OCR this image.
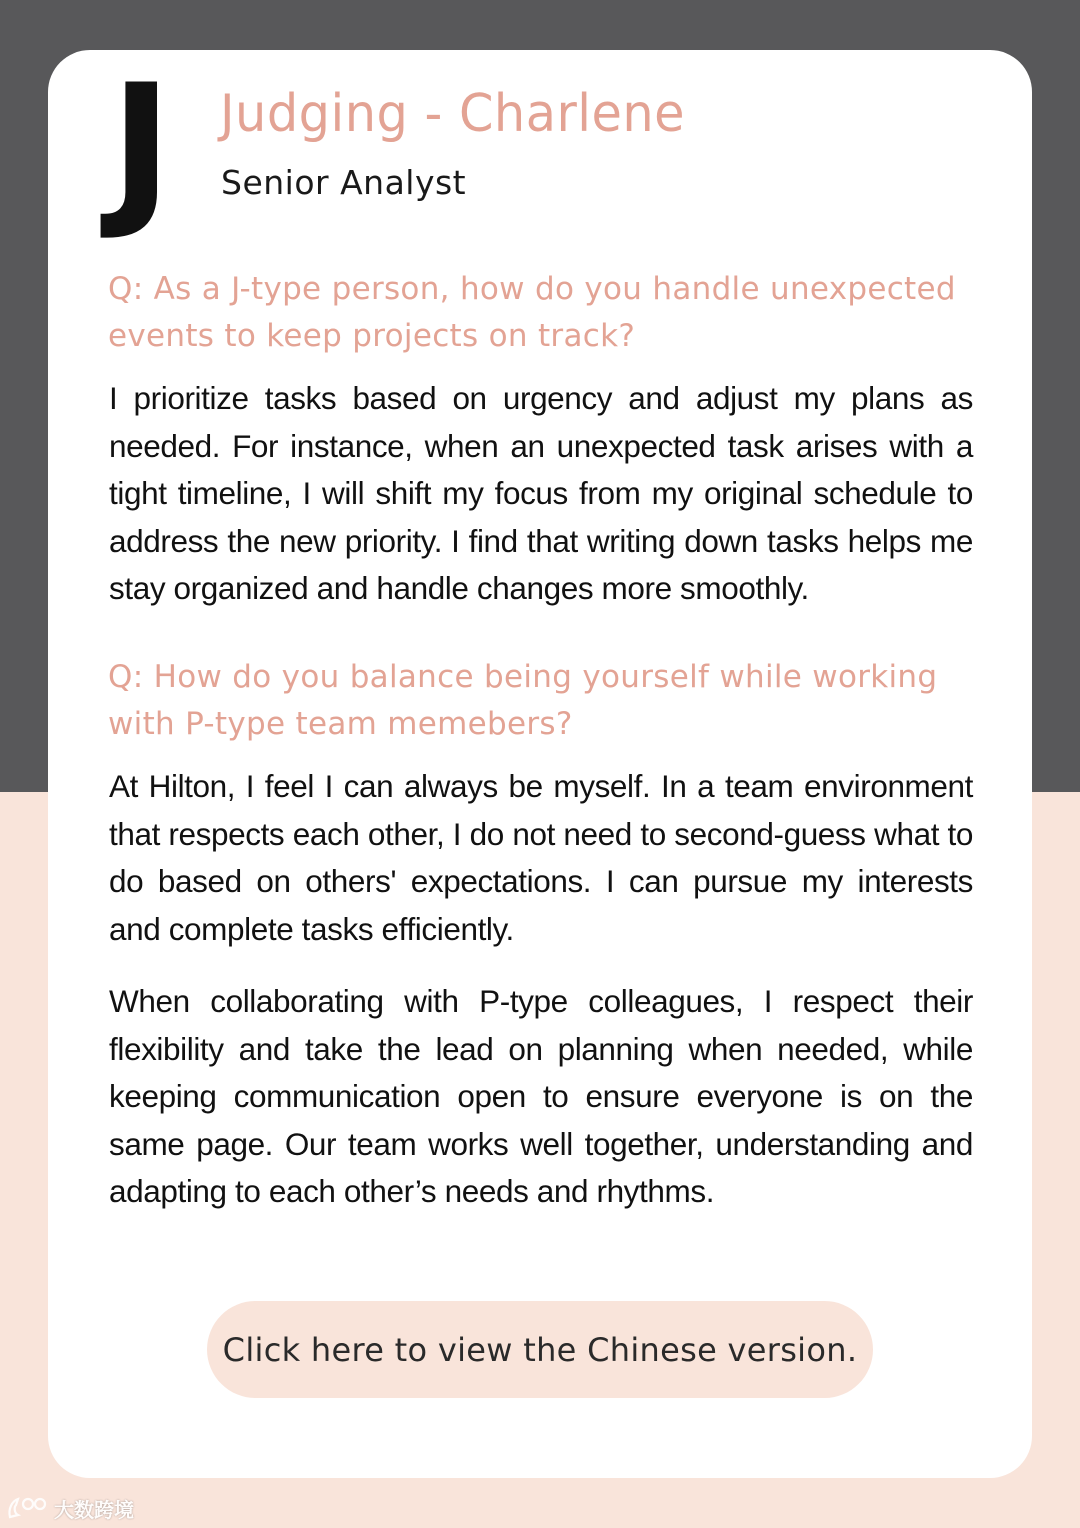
J Judging - Charlene
Senior Analyst
Q: As a J-type person, how do you handle unexpected events to keep projects on track?

I prioritize tasks based on urgency and adjust my plans as needed. For instance, when an unexpected task arises with a tight timeline, I will shift my focus from my original schedule to address the new priority. I find that writing down tasks helps me stay organized and handle changes more smoothly.

Q: How do you balance being yourself while working with P-type team memebers?

At Hilton, I feel I can always be myself. In a team environment that respects each other, I do not need to second-guess what to do based on others' expectations. I can pursue my interests and complete tasks efficiently.

When collaborating with P-type colleagues, I respect their flexibility and take the lead on planning when needed, while keeping communication open to ensure everyone is on the same page. Our team works well together, understanding and adapting to each other’s needs and rhythms.

Click here to view the Chinese version.
大数跨境
